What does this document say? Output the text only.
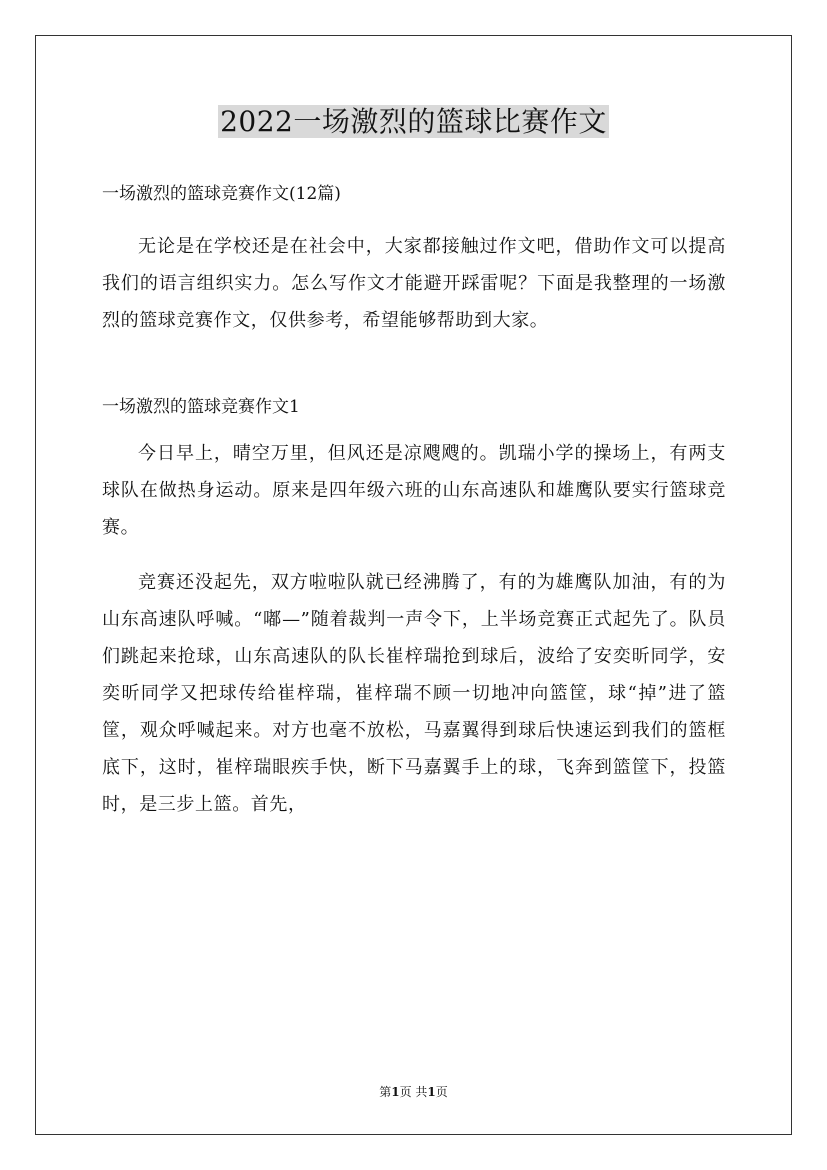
2022一场激烈的篮球比赛作文

一场激烈的篮球竞赛作文(12篇)

无论是在学校还是在社会中，大家都接触过作文吧，借助作文可以提高我们的语言组织实力。怎么写作文才能避开踩雷呢？下面是我整理的一场激烈的篮球竞赛作文，仅供参考，希望能够帮助到大家。

一场激烈的篮球竞赛作文1

今日早上，晴空万里，但风还是凉飕飕的。凯瑞小学的操场上，有两支球队在做热身运动。原来是四年级六班的山东高速队和雄鹰队要实行篮球竞赛。

竞赛还没起先，双方啦啦队就已经沸腾了，有的为雄鹰队加油，有的为山东高速队呼喊。“嘟—”随着裁判一声令下，上半场竞赛正式起先了。队员们跳起来抢球，山东高速队的队长崔梓瑞抢到球后，波给了安奕昕同学，安奕昕同学又把球传给崔梓瑞，崔梓瑞不顾一切地冲向篮筐，球“掉”进了篮筐，观众呼喊起来。对方也毫不放松，马嘉翼得到球后快速运到我们的篮框底下，这时，崔梓瑞眼疾手快，断下马嘉翼手上的球，飞奔到篮筐下，投篮时，是三步上篮。首先，

第1页 共1页
